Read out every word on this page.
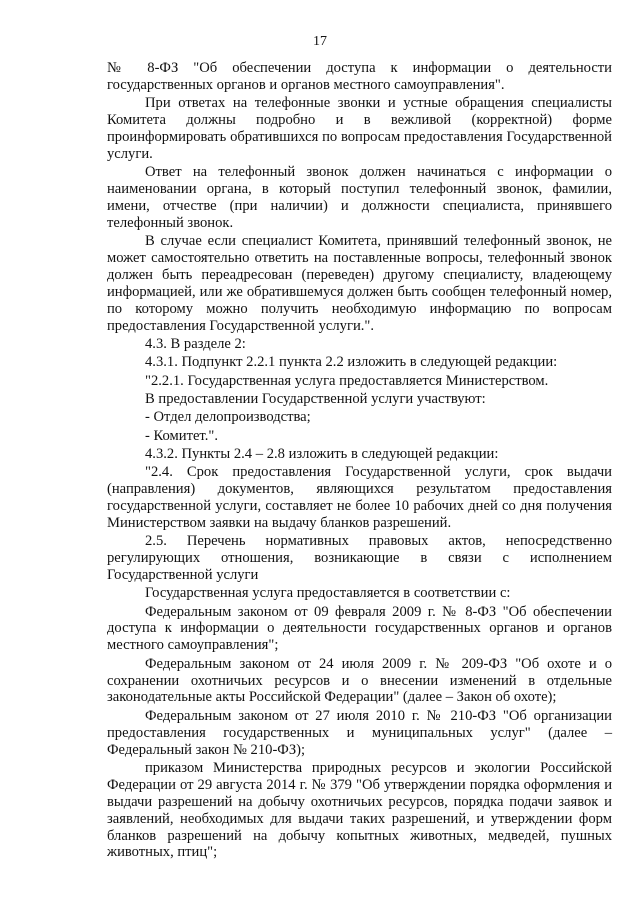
17

№ 8-ФЗ "Об обеспечении доступа к информации о деятельности государственных органов и органов местного самоуправления".

При ответах на телефонные звонки и устные обращения специалисты Комитета должны подробно и в вежливой (корректной) форме проинформировать обратившихся по вопросам предоставления Государственной услуги.

Ответ на телефонный звонок должен начинаться с информации о наименовании органа, в который поступил телефонный звонок, фамилии, имени, отчестве (при наличии) и должности специалиста, принявшего телефонный звонок.

В случае если специалист Комитета, принявший телефонный звонок, не может самостоятельно ответить на поставленные вопросы, телефонный звонок должен быть переадресован (переведен) другому специалисту, владеющему информацией, или же обратившемуся должен быть сообщен телефонный номер, по которому можно получить необходимую информацию по вопросам предоставления Государственной услуги.".

4.3. В разделе 2:

4.3.1. Подпункт 2.2.1 пункта 2.2 изложить в следующей редакции:

"2.2.1. Государственная услуга предоставляется Министерством.

В предоставлении Государственной услуги участвуют:

- Отдел делопроизводства;

- Комитет.".

4.3.2. Пункты 2.4 – 2.8 изложить в следующей редакции:

"2.4. Срок предоставления Государственной услуги, срок выдачи (направления) документов, являющихся результатом предоставления государственной услуги, составляет не более 10 рабочих дней со дня получения Министерством заявки на выдачу бланков разрешений.

2.5. Перечень нормативных правовых актов, непосредственно регулирующих отношения, возникающие в связи с исполнением Государственной услуги

Государственная услуга предоставляется в соответствии с:

Федеральным законом от 09 февраля 2009 г. № 8-ФЗ "Об обеспечении доступа к информации о деятельности государственных органов и органов местного самоуправления";

Федеральным законом от 24 июля 2009 г. № 209-ФЗ "Об охоте и о сохранении охотничьих ресурсов и о внесении изменений в отдельные законодательные акты Российской Федерации" (далее – Закон об охоте);

Федеральным законом от 27 июля 2010 г. № 210-ФЗ "Об организации предоставления государственных и муниципальных услуг" (далее – Федеральный закон № 210-ФЗ);

приказом Министерства природных ресурсов и экологии Российской Федерации от 29 августа 2014 г. № 379 "Об утверждении порядка оформления и выдачи разрешений на добычу охотничьих ресурсов, порядка подачи заявок и заявлений, необходимых для выдачи таких разрешений, и утверждении форм бланков разрешений на добычу копытных животных, медведей, пушных животных, птиц";
